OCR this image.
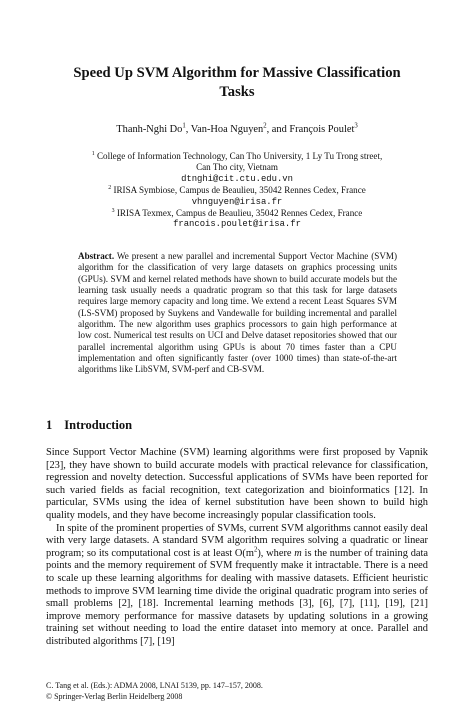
Speed Up SVM Algorithm for Massive Classification
Tasks
Thanh-Nghi Do$^1$, Van-Hoa Nguyen$^2$, and François Poulet$^3$
$^1$ College of Information Technology, Can Tho University, 1 Ly Tu Trong street,
Can Tho city, Vietnam
dtnghi@cit.ctu.edu.vn
$^2$ IRISA Symbiose, Campus de Beaulieu, 35042 Rennes Cedex, France
vhnguyen@irisa.fr
$^3$ IRISA Texmex, Campus de Beaulieu, 35042 Rennes Cedex, France
francois.poulet@irisa.fr
Abstract. We present a new parallel and incremental Support Vector Machine (SVM) algorithm for the classification of very large datasets on graphics processing units (GPUs). SVM and kernel related methods have shown to build accurate models but the learning task usually needs a quadratic program so that this task for large datasets requires large memory capacity and long time. We extend a recent Least Squares SVM (LS-SVM) proposed by Suykens and Vandewalle for building incremental and parallel algorithm. The new algorithm uses graphics processors to gain high performance at low cost. Numerical test results on UCI and Delve dataset repositories showed that our parallel incremental algorithm using GPUs is about 70 times faster than a CPU implementation and often significantly faster (over 1000 times) than state-of-the-art algorithms like LibSVM, SVM-perf and CB-SVM.
1 Introduction

Since Support Vector Machine (SVM) learning algorithms were first proposed by Vapnik [23], they have shown to build accurate models with practical relevance for classification, regression and novelty detection. Successful applications of SVMs have been reported for such varied fields as facial recognition, text categorization and bioinformatics [12]. In particular, SVMs using the idea of kernel substitution have been shown to build high quality models, and they have become increasingly popular classification tools.

In spite of the prominent properties of SVMs, current SVM algorithms cannot easily deal with very large datasets. A standard SVM algorithm requires solving a quadratic or linear program; so its computational cost is at least $O(m^2)$, where m is the number of training data points and the memory requirement of SVM frequently make it intractable. There is a need to scale up these learning algorithms for dealing with massive datasets. Efficient heuristic methods to improve SVM learning time divide the original quadratic program into series of small problems [2], [18]. Incremental learning methods [3], [6], [7], [11], [19], [21] improve memory performance for massive datasets by updating solutions in a growing training set without needing to load the entire dataset into memory at once. Parallel and distributed algorithms [7], [19]

C. Tang et al. (Eds.): ADMA 2008, LNAI 5139, pp. 147–157, 2008.
© Springer-Verlag Berlin Heidelberg 2008
